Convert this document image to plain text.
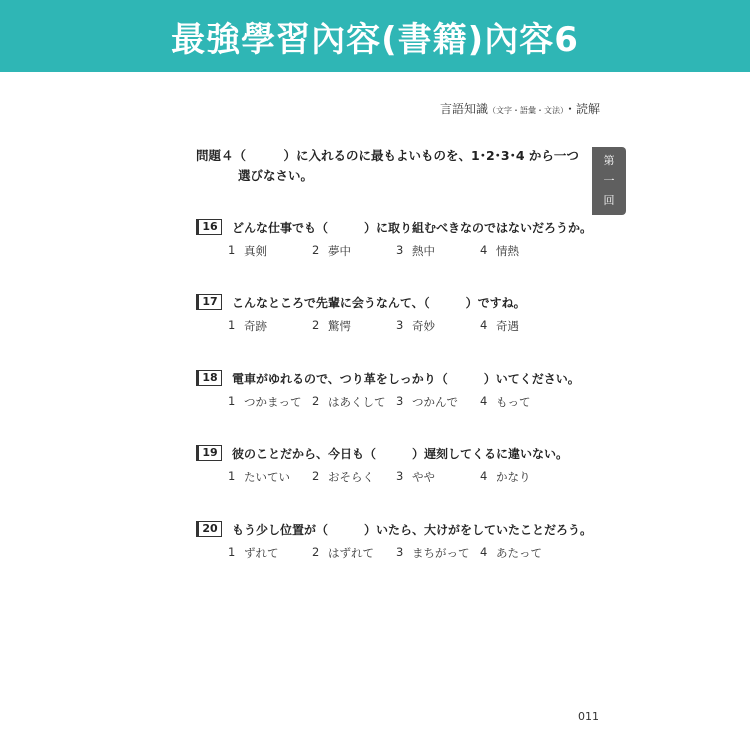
最強學習內容(書籍)內容6
言語知識（文字・語彙・文法）・読解
第
一
回
問題４（　　　）に入れるのに最もよいものを、1･2･3･4 から一つ
選びなさい。
16	どんな仕事でも（　　　）に取り組むべきなのではないだろうか。
1 真剣	2 夢中	3 熱中	4 情熱
17	こんなところで先輩に会うなんて、（　　　）ですね。
1 奇跡	2 驚愕	3 奇妙	4 奇遇
18	電車がゆれるので、つり革をしっかり（　　　）いてください。
1 つかまって 2 はあくして 3 つかんで 4 もって
19	彼のことだから、今日も（　　　）遅刻してくるに違いない。
1 たいてい 2 おそらく 3 やや	4 かなり
20	もう少し位置が（　　　）いたら、大けがをしていたことだろう。
1 ずれて	2 はずれて 3 まちがって 4 あたって
011
